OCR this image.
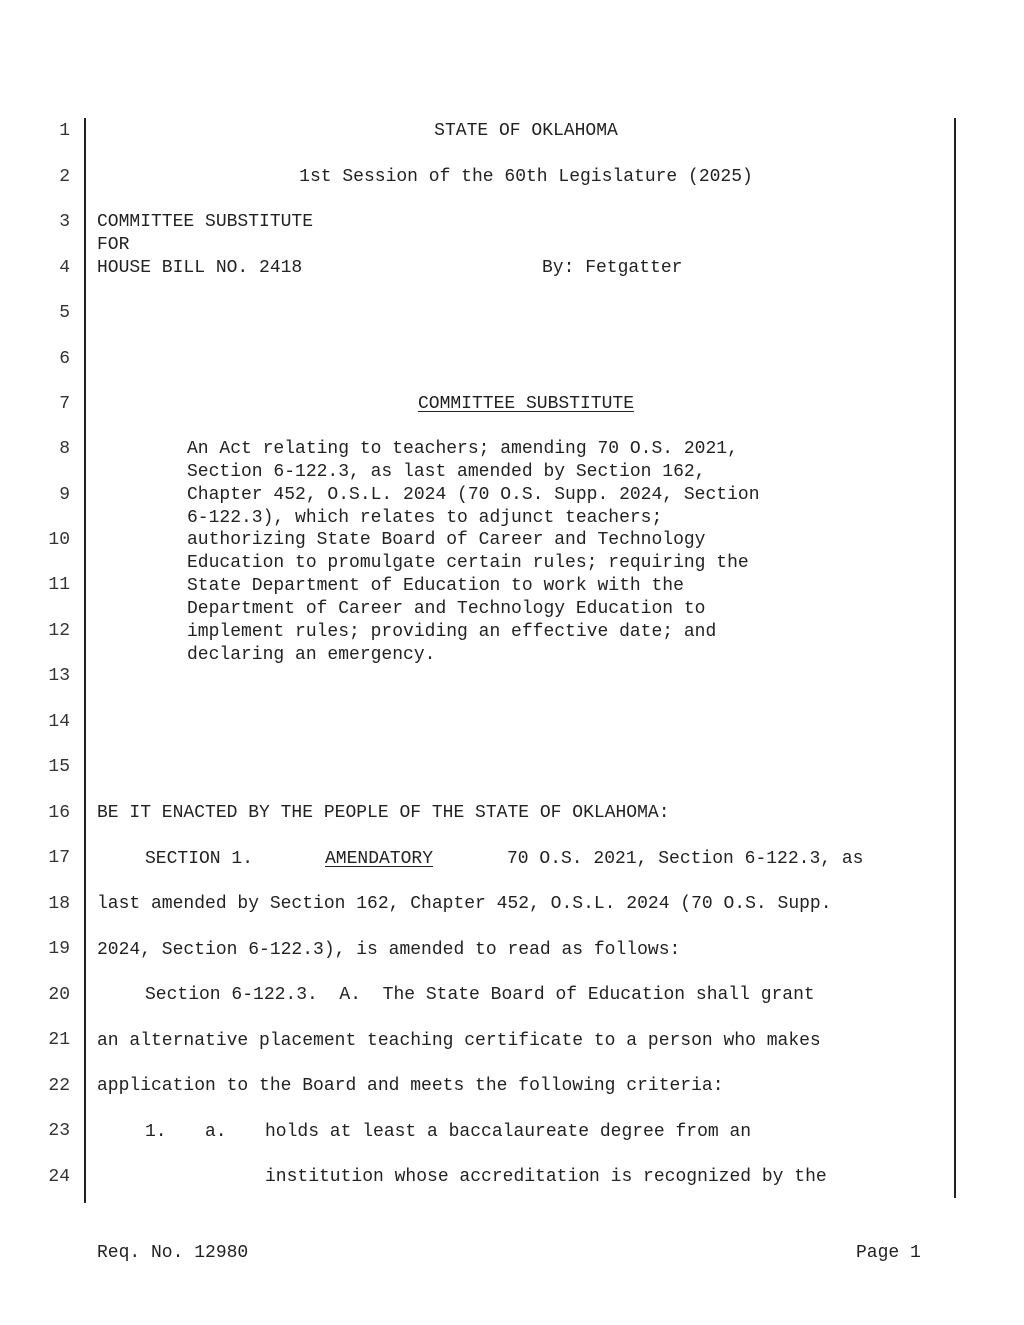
1
2
3
4
5
6
7
8
9
10
11
12
13
14
15
16
17
18
19
20
21
22
23
24
STATE OF OKLAHOMA
1st Session of the 60th Legislature (2025)
COMMITTEE SUBSTITUTE
FOR
HOUSE BILL NO. 2418	By: Fetgatter
COMMITTEE SUBSTITUTE
An Act relating to teachers; amending 70 O.S. 2021,
Section 6-122.3, as last amended by Section 162,
Chapter 452, O.S.L. 2024 (70 O.S. Supp. 2024, Section
6-122.3), which relates to adjunct teachers;
authorizing State Board of Career and Technology
Education to promulgate certain rules; requiring the
State Department of Education to work with the
Department of Career and Technology Education to
implement rules; providing an effective date; and
declaring an emergency.
BE IT ENACTED BY THE PEOPLE OF THE STATE OF OKLAHOMA:
SECTION 1.	AMENDATORY	70 O.S. 2021, Section 6-122.3, as
last amended by Section 162, Chapter 452, O.S.L. 2024 (70 O.S. Supp.
2024, Section 6-122.3), is amended to read as follows:
Section 6-122.3.  A.  The State Board of Education shall grant
an alternative placement teaching certificate to a person who makes
application to the Board and meets the following criteria:
1. a. holds at least a baccalaureate degree from an
institution whose accreditation is recognized by the
Req. No. 12980	Page 1
